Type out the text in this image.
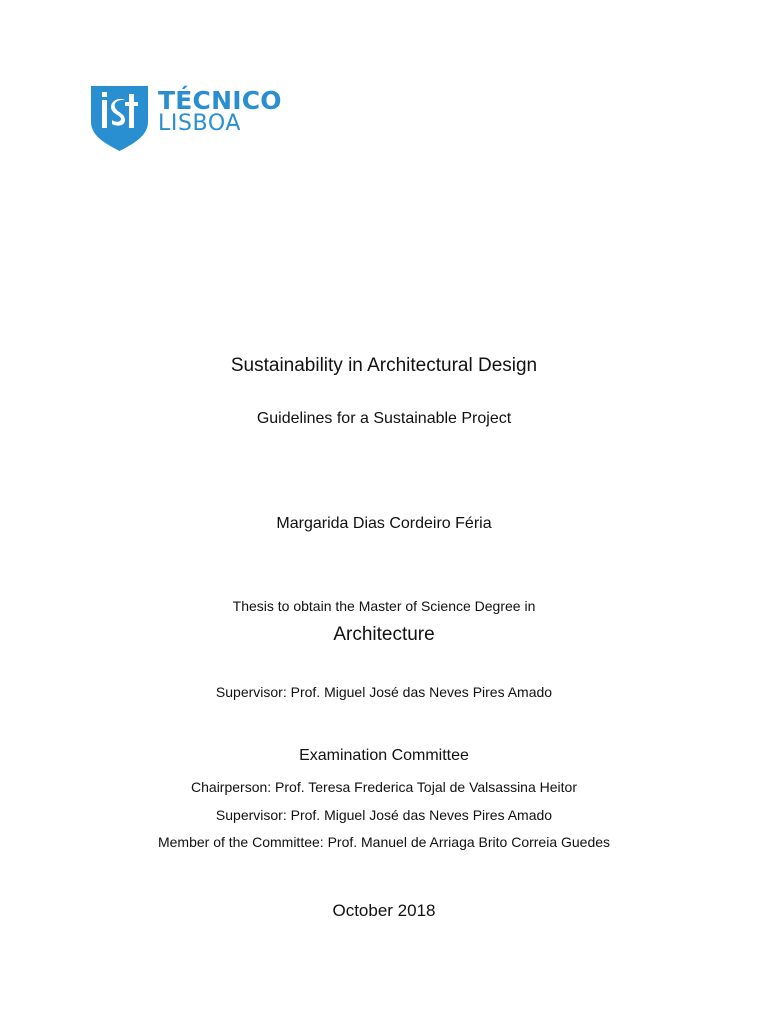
TÉCNICO
LISBOA
Sustainability in Architectural Design
Guidelines for a Sustainable Project
Margarida Dias Cordeiro Féria
Thesis to obtain the Master of Science Degree in
Architecture
Supervisor: Prof. Miguel José das Neves Pires Amado
Examination Committee
Chairperson: Prof. Teresa Frederica Tojal de Valsassina Heitor
Supervisor: Prof. Miguel José das Neves Pires Amado
Member of the Committee: Prof. Manuel de Arriaga Brito Correia Guedes
October 2018
